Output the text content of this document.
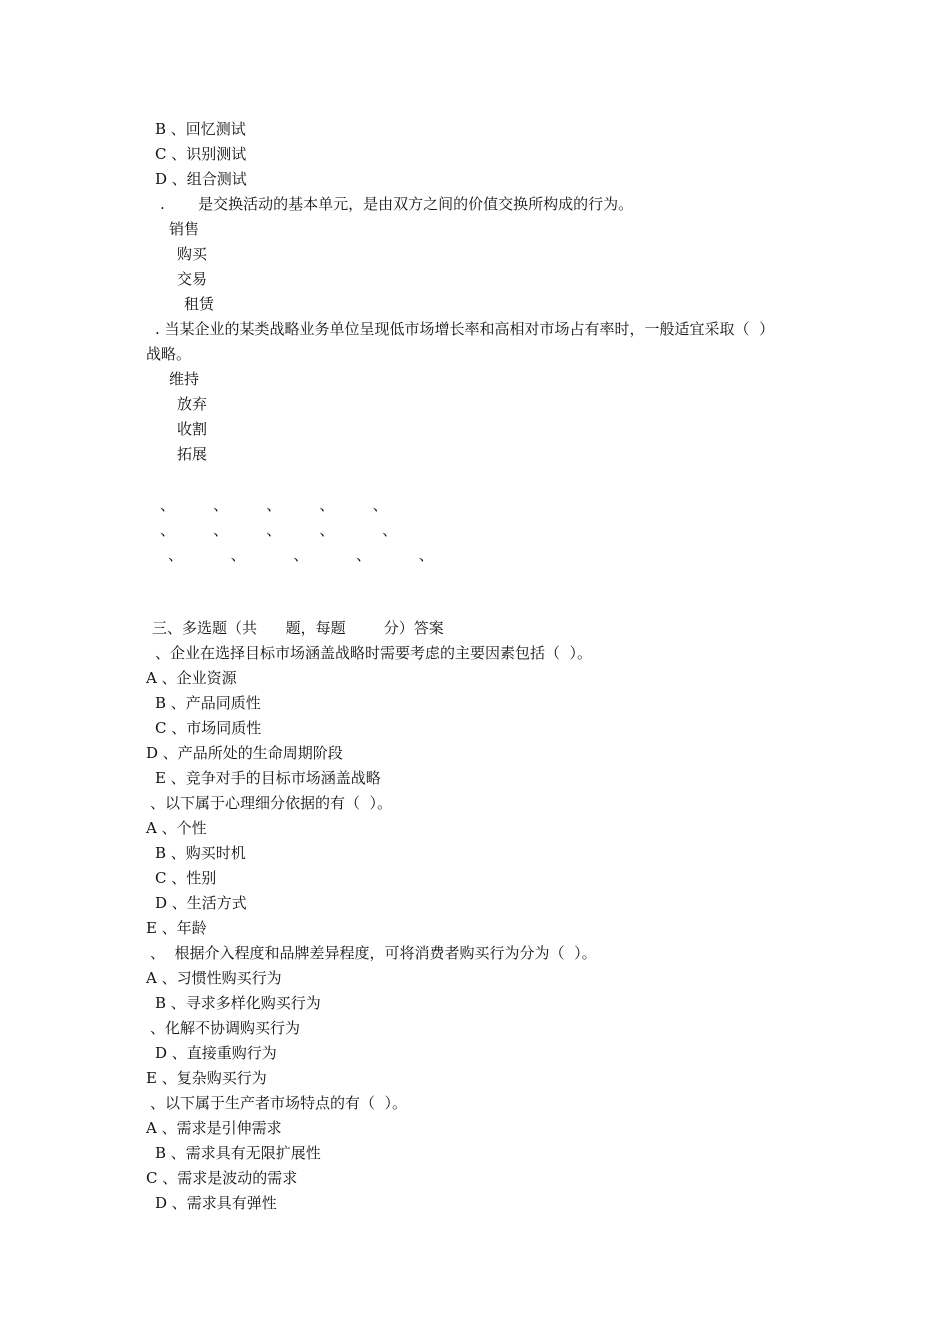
B 、回忆测试
C 、识别测试
D 、组合测试
.       是交换活动的基本单元，是由双方之间的价值交换所构成的行为。
销售
购买
交易
租赁
. 当某企业的某类战略业务单位呈现低市场增长率和高相对市场占有率时，一般适宜采取（  ）
战略。
维持
放弃
收割
拓展
、        、        、        、        、
、        、        、        、          、
、          、          、          、          、
三、多选题（共      题，每题        分）答案
、企业在选择目标市场涵盖战略时需要考虑的主要因素包括（  ）。
A 、企业资源
B 、产品同质性
C 、市场同质性
D 、产品所处的生命周期阶段
E 、竞争对手的目标市场涵盖战略
、以下属于心理细分依据的有（  ）。
A 、个性
B 、购买时机
C 、性别
D 、生活方式
E 、年龄
、  根据介入程度和品牌差异程度，可将消费者购买行为分为（  ）。
A 、习惯性购买行为
B 、寻求多样化购买行为
、化解不协调购买行为
D 、直接重购行为
E 、复杂购买行为
、以下属于生产者市场特点的有（  ）。
A 、需求是引伸需求
B 、需求具有无限扩展性
C 、需求是波动的需求
D 、需求具有弹性
